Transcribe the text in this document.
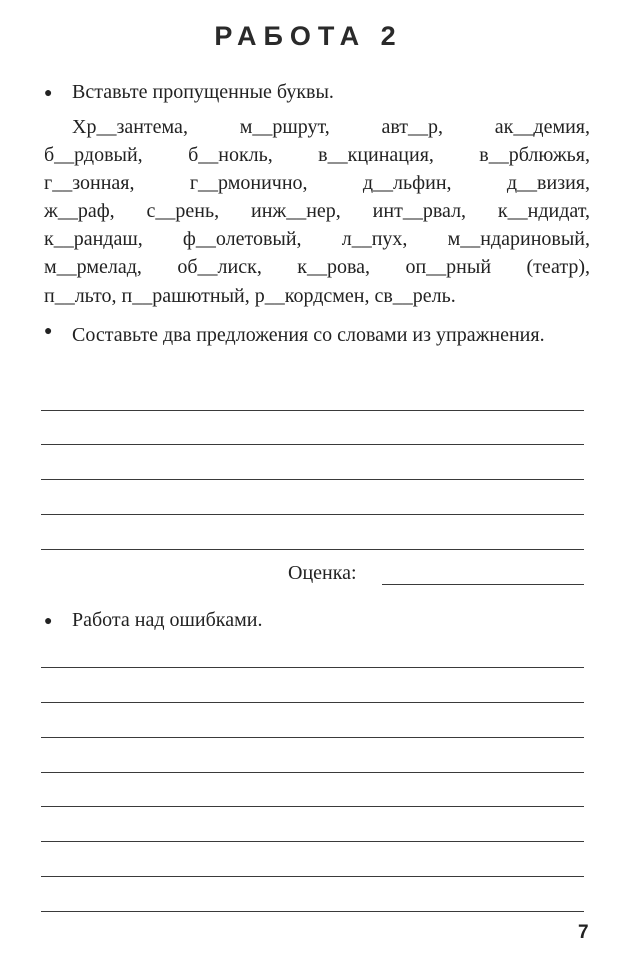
РАБОТА 2
● Вставьте пропущенные буквы.
Хр__зантема, м__ршрут, авт__р, ак__демия,
б__рдовый, б__нокль, в__кцинация, в__рблюжья,
г__зонная, г__рмонично, д__льфин, д__визия,
ж__раф, с__рень, инж__нер, инт__рвал, к__ндидат,
к__рандаш, ф__олетовый, л__пух, м__ндариновый,
м__рмелад, об__лиск, к__рова, оп__рный (театр),
п__льто, п__рашютный, р__кордсмен, св__рель.
● Составьте два предложения со словами из упражнения.
Оценка:
● Работа над ошибками.
7
